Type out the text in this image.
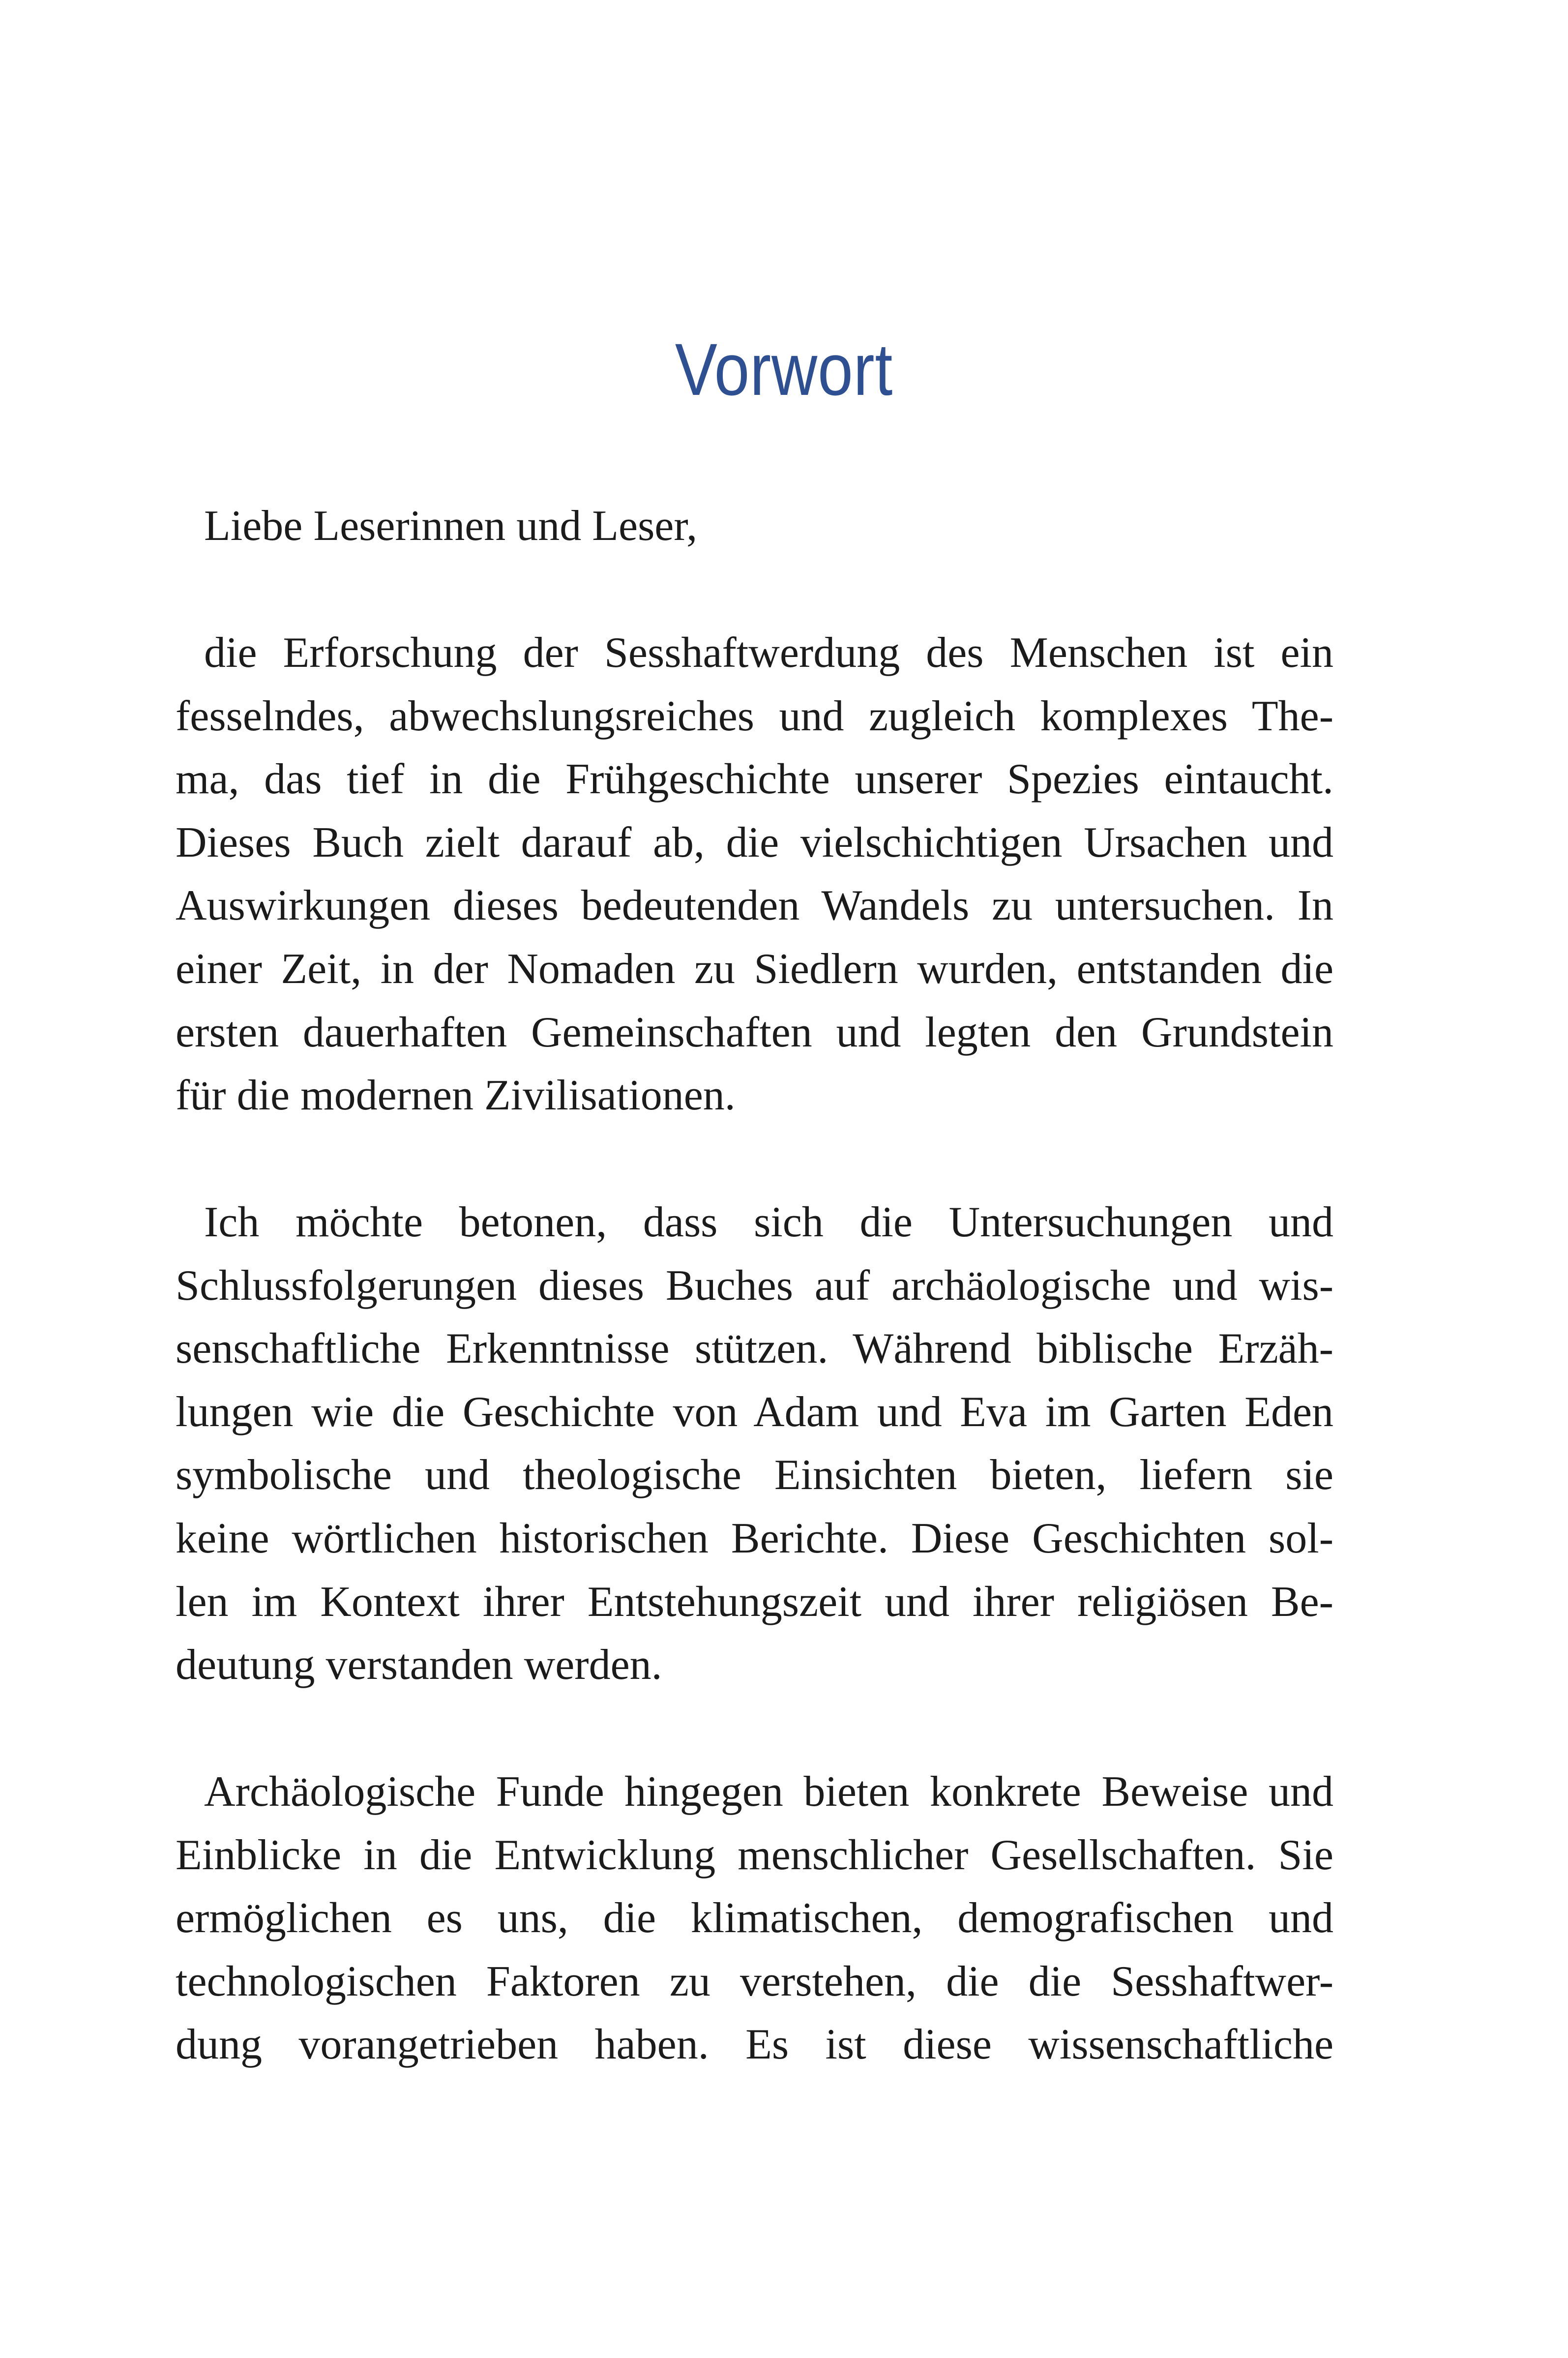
Vorwort
Liebe Leserinnen und Leser,
die Erforschung der Sesshaftwerdung des Menschen ist ein
fesselndes, abwechslungsreiches und zugleich komplexes The-
ma, das tief in die Frühgeschichte unserer Spezies eintaucht.
Dieses Buch zielt darauf ab, die vielschichtigen Ursachen und
Auswirkungen dieses bedeutenden Wandels zu untersuchen. In
einer Zeit, in der Nomaden zu Siedlern wurden, entstanden die
ersten dauerhaften Gemeinschaften und legten den Grundstein
für die modernen Zivilisationen.
Ich möchte betonen, dass sich die Untersuchungen und
Schlussfolgerungen dieses Buches auf archäologische und wis-
senschaftliche Erkenntnisse stützen. Während biblische Erzäh-
lungen wie die Geschichte von Adam und Eva im Garten Eden
symbolische und theologische Einsichten bieten, liefern sie
keine wörtlichen historischen Berichte. Diese Geschichten sol-
len im Kontext ihrer Entstehungszeit und ihrer religiösen Be-
deutung verstanden werden.
Archäologische Funde hingegen bieten konkrete Beweise und
Einblicke in die Entwicklung menschlicher Gesellschaften. Sie
ermöglichen es uns, die klimatischen, demografischen und
technologischen Faktoren zu verstehen, die die Sesshaftwer-
dung vorangetrieben haben. Es ist diese wissenschaftliche
